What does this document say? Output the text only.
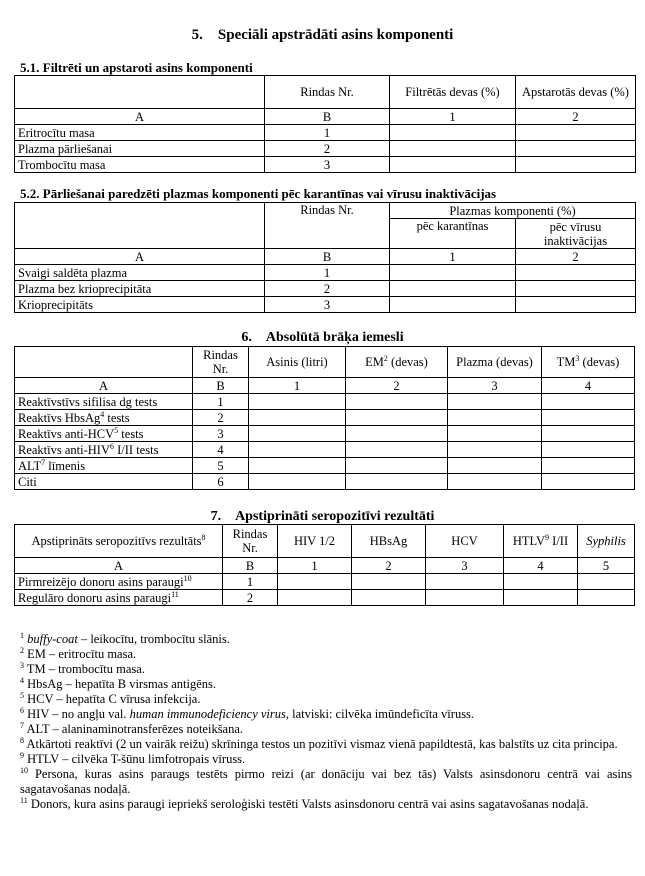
5. Speciāli apstrādāti asins komponenti
5.1. Filtrēti un apstaroti asins komponenti
	Rindas Nr.	Filtrētās devas (%)	Apstarotās devas (%)
A	B	1	2
Eritrocītu masa	1		
Plazma pārliešanai	2		
Trombocītu masa	3		
5.2. Pārliešanai paredzēti plazmas komponenti pēc karantīnas vai vīrusu inaktivācijas
	Rindas Nr.	Plazmas komponenti (%)	
		pēc karantīnas	pēc vīrusu inaktivācijas
A	B	1	2
Svaigi saldēta plazma	1		
Plazma bez krioprecipitāta	2		
Krioprecipitāts	3		
6. Absolūtā brāķa iemesli
	Rindas Nr.	Asinis (litri)	$EM^2$ (devas)	Plazma (devas)	$TM^3$ (devas)
A	B	1	2	3	4
Reaktīvstīvs sifilisa dg tests	1				
Reaktīvs HbsAg$^4$ tests	2				
Reaktīvs anti-HCV$^5$ tests	3				
Reaktīvs anti-HIV$^6$ I/II tests	4				
ALT$^7$ līmenis	5				
Citi	6				
7. Apstiprināti seropozitīvi rezultāti
Apstiprināts seropozitīvs rezultāts$^8$	Rindas Nr.	HIV 1/2	HBsAg	HCV	HTLV$^9$ I/II	Syphilis
A	B	1	2	3	4	5
Pirmreizējo donoru asins paraugi$^{10}$	1					
Regulāro donoru asins paraugi$^{11}$	2					

$^1$ buffy-coat – leikocītu, trombocītu slānis.

$^2$ EM – eritrocītu masa.

$^3$ TM – trombocītu masa.

$^4$ HbsAg – hepatīta B virsmas antigēns.

$^5$ HCV – hepatīta C vīrusa infekcija.

$^6$ HIV – no angļu val. human immunodeficiency virus, latviski: cilvēka imūndeficīta vīruss.

$^7$ ALT – alaninaminotransferēzes noteikšana.

$^8$ Atkārtoti reaktīvi (2 un vairāk reižu) skrīninga testos un pozitīvi vismaz vienā papildtestā, kas balstīts uz cita principa.

$^9$ HTLV – cilvēka T-šūnu limfotropais vīruss.

$^{10}$ Persona, kuras asins paraugs testēts pirmo reizi (ar donāciju vai bez tās) Valsts asinsdonoru centrā vai asins sagatavošanas nodaļā.

$^{11}$ Donors, kura asins paraugi iepriekš seroloģiski testēti Valsts asinsdonoru centrā vai asins sagatavošanas nodaļā.
